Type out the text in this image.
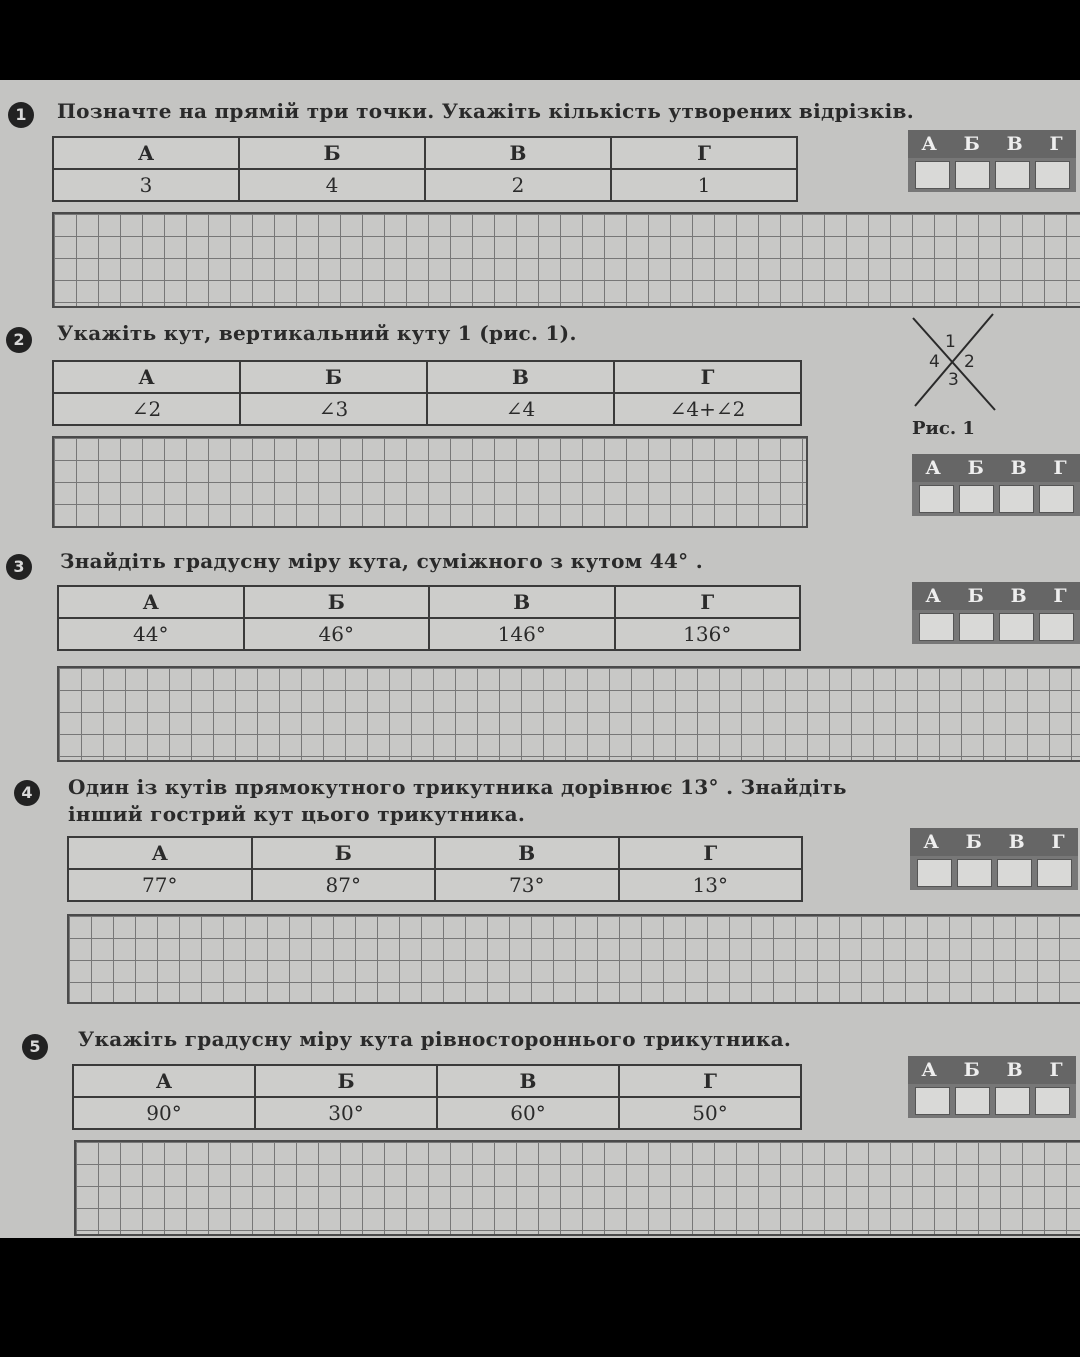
1	Позначте на прямій три точки. Укажіть кількість утворених відрізків.
А	Б	В	Г
3	4	2	1
А Б В Г
2	Укажіть кут, вертикальний куту 1 (рис. 1).
А	Б	В	Г
∠2	∠3	∠4	∠4+∠2
1
2
3
4
Рис. 1
А Б В Г
3	Знайдіть градусну міру кута, суміжного з кутом 44° .
А	Б	В	Г
44°	46°	146°	136°
А Б В Г
4	Один із кутів прямокутного трикутника дорівнює 13° . Знайдіть
інший гострий кут цього трикутника.
А	Б	В	Г
77°	87°	73°	13°
А Б В Г
5	Укажіть градусну міру кута рівностороннього трикутника.
А	Б	В	Г
90°	30°	60°	50°
А Б В Г
